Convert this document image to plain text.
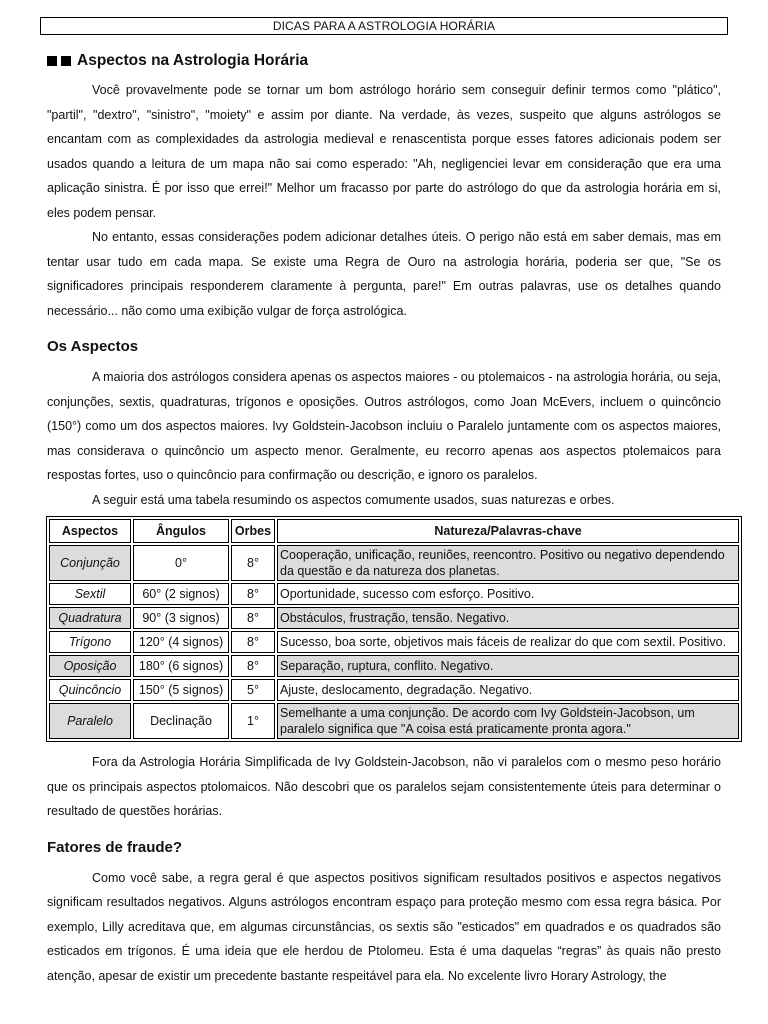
DICAS PARA A ASTROLOGIA HORÁRIA
Aspectos na Astrologia Horária

Você provavelmente pode se tornar um bom astrólogo horário sem conseguir definir termos como "plático", "partil", "dextro", "sinistro", "moiety" e assim por diante. Na verdade, às vezes, suspeito que alguns astrólogos se encantam com as complexidades da astrologia medieval e renascentista porque esses fatores adicionais podem ser usados quando a leitura de um mapa não sai como esperado: "Ah, negligenciei levar em consideração que era uma aplicação sinistra. É por isso que errei!" Melhor um fracasso por parte do astrólogo do que da astrologia horária em si, eles podem pensar.

No entanto, essas considerações podem adicionar detalhes úteis. O perigo não está em saber demais, mas em tentar usar tudo em cada mapa. Se existe uma Regra de Ouro na astrologia horária, poderia ser que, "Se os significadores principais responderem claramente à pergunta, pare!" Em outras palavras, use os detalhes quando necessário... não como uma exibição vulgar de força astrológica.

Os Aspectos

A maioria dos astrólogos considera apenas os aspectos maiores - ou ptolemaicos - na astrologia horária, ou seja, conjunções, sextis, quadraturas, trígonos e oposições. Outros astrólogos, como Joan McEvers, incluem o quincôncio (150°) como um dos aspectos maiores. Ivy Goldstein-Jacobson incluiu o Paralelo juntamente com os aspectos maiores, mas considerava o quincôncio um aspecto menor. Geralmente, eu recorro apenas aos aspectos ptolemaicos para respostas fortes, uso o quincôncio para confirmação ou descrição, e ignoro os paralelos.

A seguir está uma tabela resumindo os aspectos comumente usados, suas naturezas e orbes.

Aspectos	Ângulos	Orbes	Natureza/Palavras-chave
Conjunção	0°	8°	Cooperação, unificação, reuniões, reencontro. Positivo ou negativo dependendo da questão e da natureza dos planetas.
Sextil	60° (2 signos)	8°	Oportunidade, sucesso com esforço. Positivo.
Quadratura	90° (3 signos)	8°	Obstáculos, frustração, tensão. Negativo.
Trígono	120° (4 signos)	8°	Sucesso, boa sorte, objetivos mais fáceis de realizar do que com sextil. Positivo.
Oposição	180° (6 signos)	8°	Separação, ruptura, conflito. Negativo.
Quincôncio	150° (5 signos)	5°	Ajuste, deslocamento, degradação. Negativo.
Paralelo	Declinação	1°	Semelhante a uma conjunção. De acordo com Ivy Goldstein-Jacobson, um paralelo significa que "A coisa está praticamente pronta agora."

Fora da Astrologia Horária Simplificada de Ivy Goldstein-Jacobson, não vi paralelos com o mesmo peso horário que os principais aspectos ptolomaicos. Não descobri que os paralelos sejam consistentemente úteis para determinar o resultado de questões horárias.

Fatores de fraude?

Como você sabe, a regra geral é que aspectos positivos significam resultados positivos e aspectos negativos significam resultados negativos. Alguns astrólogos encontram espaço para proteção mesmo com essa regra básica. Por exemplo, Lilly acreditava que, em algumas circunstâncias, os sextis são "esticados" em quadrados e os quadrados são esticados em trígonos. É uma ideia que ele herdou de Ptolomeu. Esta é uma daquelas “regras” às quais não presto atenção, apesar de existir um precedente bastante respeitável para ela. No excelente livro Horary Astrology, the
